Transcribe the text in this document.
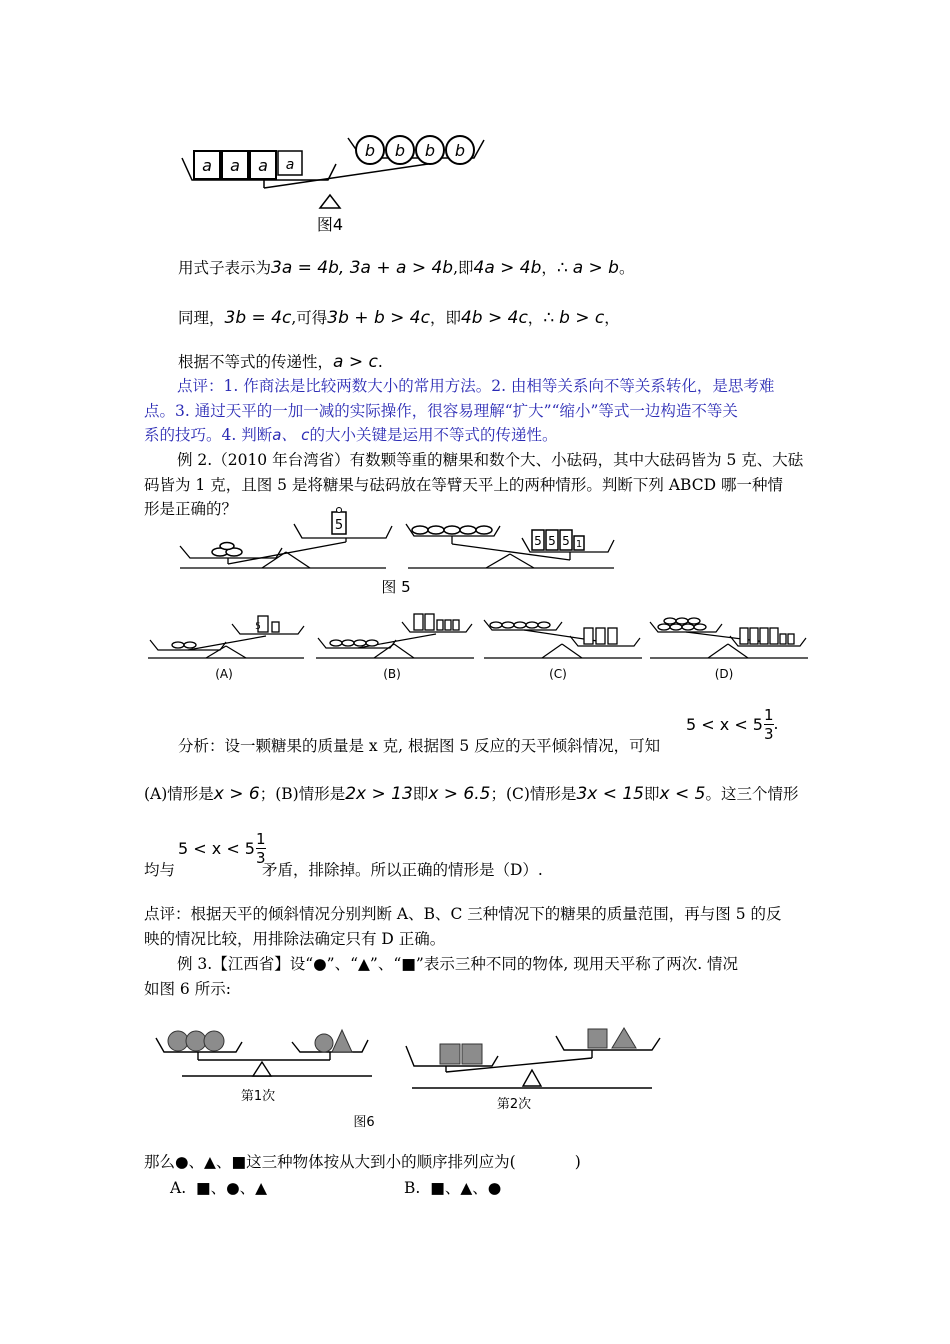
a a a a
b b b b
图4
用式子表示为3a = 4b, 3a + a > 4b,即4a > 4b，∴ a > b。
同理，3b = 4c,可得3b + b > 4c，即4b > 4c，∴ b > c，
根据不等式的传递性，a > c.
点评：1. 作商法是比较两数大小的常用方法。2. 由相等关系向不等关系转化，是思考难
点。3. 通过天平的一加一减的实际操作，很容易理解“扩大”“缩小”等式一边构造不等关
系的技巧。4. 判断a、 c的大小关键是运用不等式的传递性。
例 2.（2010 年台湾省）有数颗等重的糖果和数个大、小砝码，其中大砝码皆为 5 克、大砝
码皆为 1 克，且图 5 是将糖果与砝码放在等臂天平上的两种情形。判断下列 ABCD 哪一种情
形是正确的？
5
5 5 5 1
图 5
5
(A)	(B)	(C)	(D)
分析：设一颗糖果的质量是 x 克, 根据图 5 反应的天平倾斜情况，可知
$5 < x < 5 \frac{1}{3}$ .
(A)情形是x > 6；(B)情形是2x > 13即x > 6.5；(C)情形是3x < 15即x < 5。这三个情形
均与
$5 < x < 5 \frac{1}{3}$
矛盾，排除掉。所以正确的情形是（D）.
点评：根据天平的倾斜情况分别判断 A、B、C 三种情况下的糖果的质量范围，再与图 5 的反
映的情况比较，用排除法确定只有 D 正确。
例 3.【江西省】设“●”、“▲”、“■”表示三种不同的物体, 现用天平称了两次. 情况
如图 6 所示:
第1次
第2次
图6
那么●、▲、■这三种物体按从大到小的顺序排列应为(	)
A. ■、●、▲	B. ■、▲、●
